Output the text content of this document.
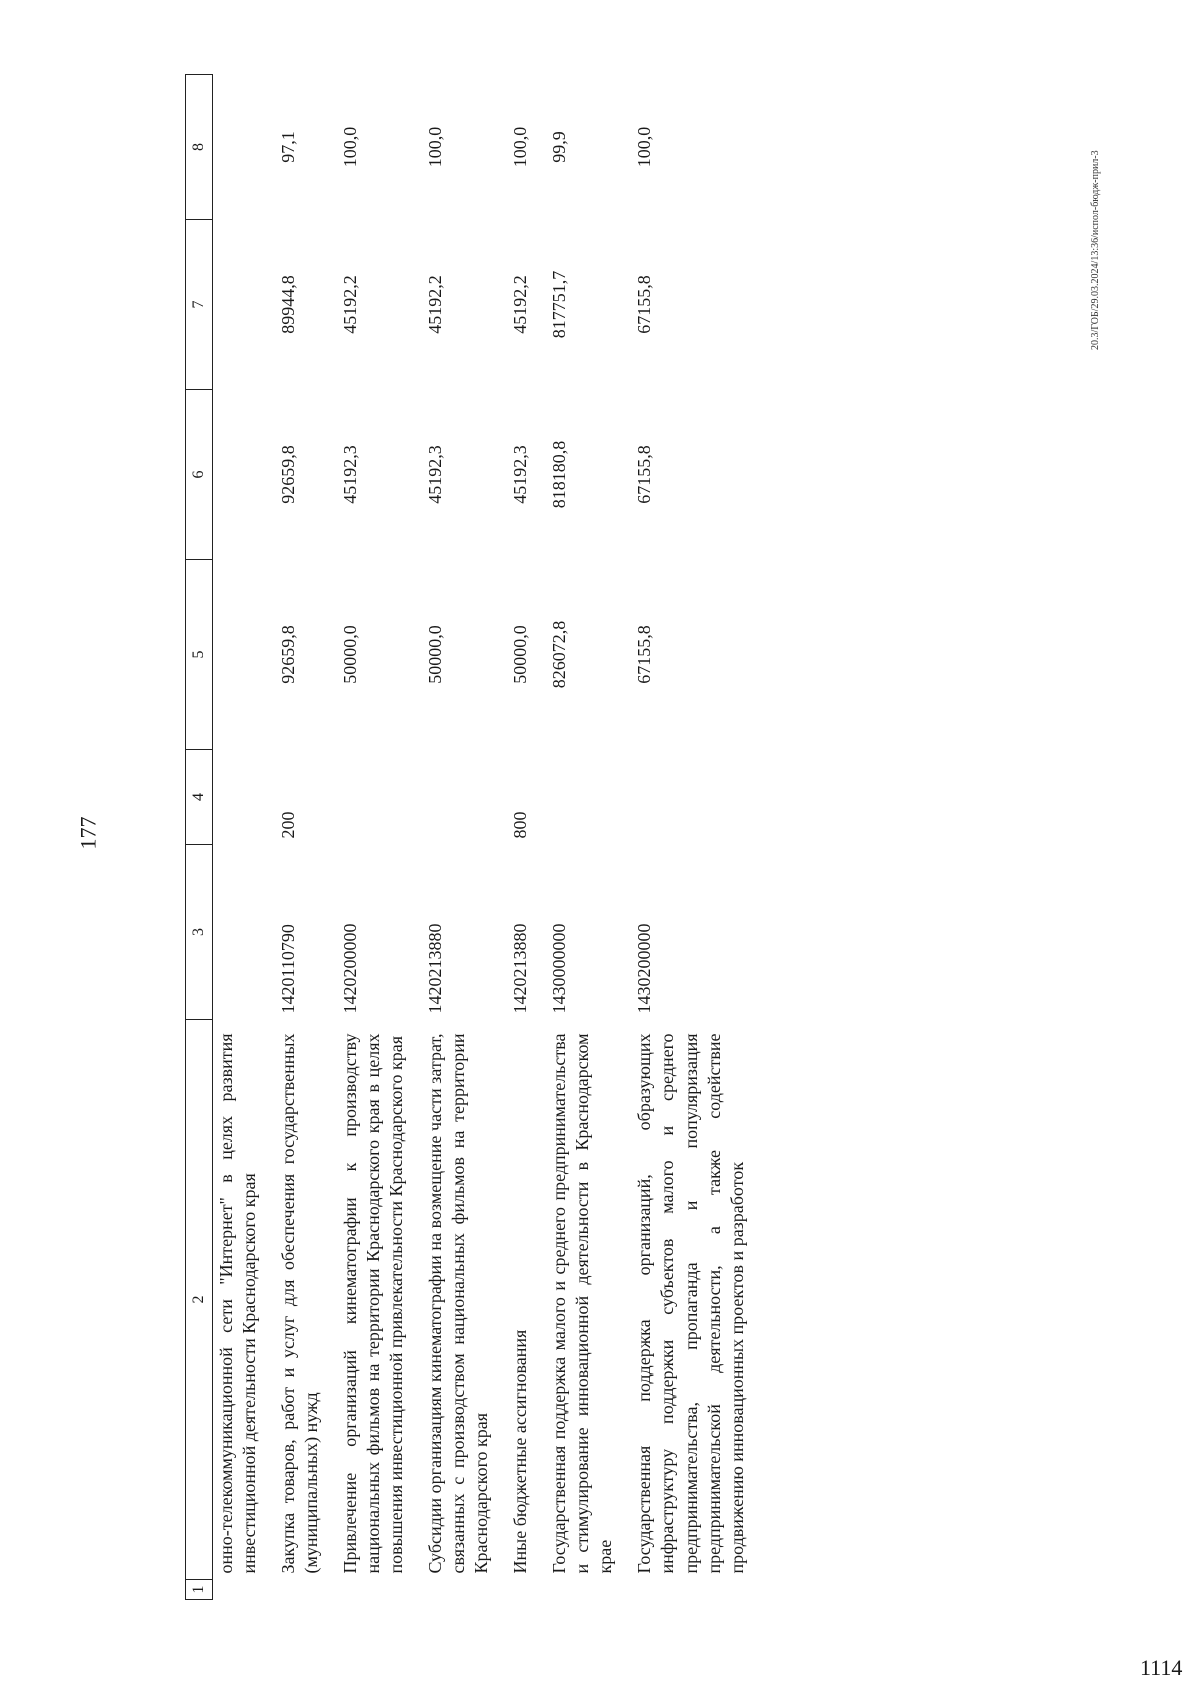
177
1	2	3	4	5	6	7	8
	онно-телекоммуникационной сети "Интернет" в целях развития инвестиционной деятельности Краснодарского края						
	Закупка товаров, работ и услуг для обеспечения государственных (муниципальных) нужд	1420110790	200	92659,8	92659,8	89944,8	97,1
	Привлечение организаций кинематографии к производству национальных фильмов на территории Краснодарского края в целях повышения инвестиционной привлекательности Краснодарского края	1420200000		50000,0	45192,3	45192,2	100,0
	Субсидии организациям кинематографии на возмещение части затрат, связанных с производством национальных фильмов на территории Краснодарского края	1420213880		50000,0	45192,3	45192,2	100,0
	Иные бюджетные ассигнования	1420213880	800	50000,0	45192,3	45192,2	100,0
	Государственная поддержка малого и среднего предпринимательства и стимулирование инновационной деятельности в Краснодарском крае	1430000000		826072,8	818180,8	817751,7	99,9
	Государственная поддержка организаций, образующих инфраструктуру поддержки субъектов малого и среднего предпринимательства, пропаганда и популяризация предпринимательской деятельности, а также содействие продвижению инновационных проектов и разработок	1430200000		67155,8	67155,8	67155,8	100,0
20.3/ГОБ/29.03.2024/13:36/испол-бюдж-прил-3
1114
